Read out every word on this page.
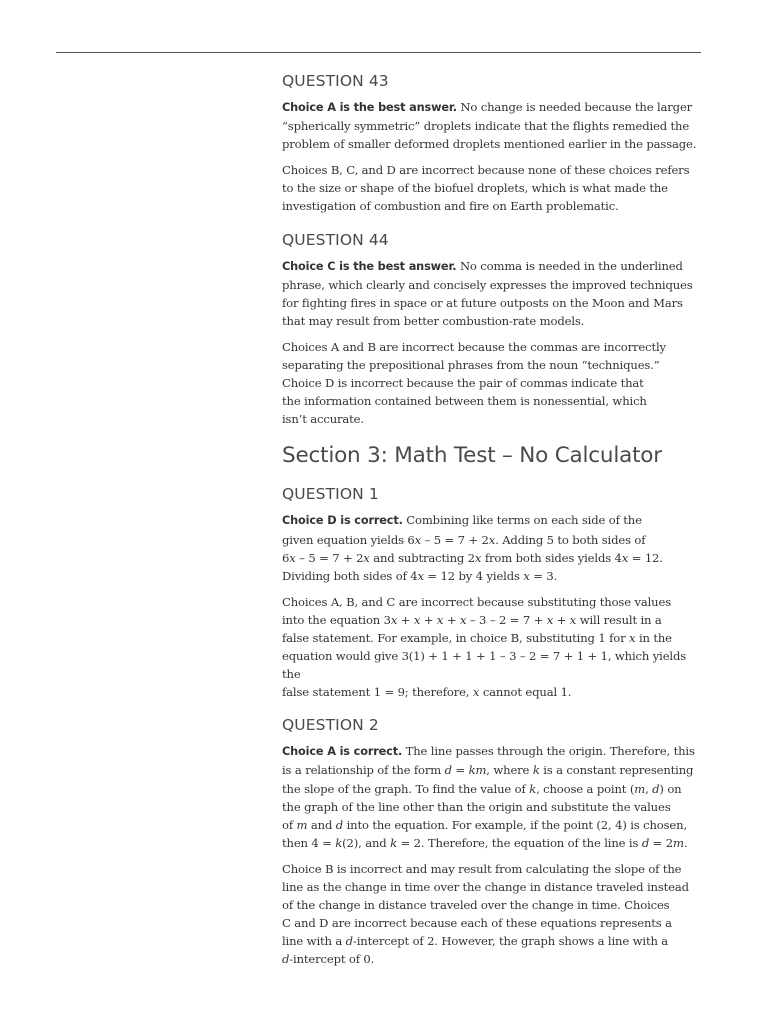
QUESTION 43

Choice A is the best answer. No change is needed because the larger
“spherically symmetric” droplets indicate that the flights remedied the
problem of smaller deformed droplets mentioned earlier in the passage.

Choices B, C, and D are incorrect because none of these choices refers
to the size or shape of the biofuel droplets, which is what made the
investigation of combustion and fire on Earth problematic.

QUESTION 44

Choice C is the best answer. No comma is needed in the underlined
phrase, which clearly and concisely expresses the improved techniques
for fighting fires in space or at future outposts on the Moon and Mars
that may result from better combustion-rate models.

Choices A and B are incorrect because the commas are incorrectly
separating the prepositional phrases from the noun “techniques.”
Choice D is incorrect because the pair of commas indicate that
the information contained between them is nonessential, which
isn’t accurate.

Section 3: Math Test – No Calculator
QUESTION 1

Choice D is correct. Combining like terms on each side of the
given equation yields 6x – 5 = 7 + 2x. Adding 5 to both sides of
6x – 5 = 7 + 2x and subtracting 2x from both sides yields 4x = 12.
Dividing both sides of 4x = 12 by 4 yields x = 3.

Choices A, B, and C are incorrect because substituting those values
into the equation 3x + x + x + x – 3 – 2 = 7 + x + x will result in a
false statement. For example, in choice B, substituting 1 for x in the
equation would give 3(1) + 1 + 1 + 1 – 3 – 2 = 7 + 1 + 1, which yields the
false statement 1 = 9; therefore, x cannot equal 1.

QUESTION 2

Choice A is correct. The line passes through the origin. Therefore, this
is a relationship of the form d = km, where k is a constant representing
the slope of the graph. To find the value of k, choose a point (m, d) on
the graph of the line other than the origin and substitute the values
of m and d into the equation. For example, if the point (2, 4) is chosen,
then 4 = k(2), and k = 2. Therefore, the equation of the line is d = 2m.

Choice B is incorrect and may result from calculating the slope of the
line as the change in time over the change in distance traveled instead
of the change in distance traveled over the change in time. Choices
C and D are incorrect because each of these equations represents a
line with a d-intercept of 2. However, the graph shows a line with a
d-intercept of 0.
